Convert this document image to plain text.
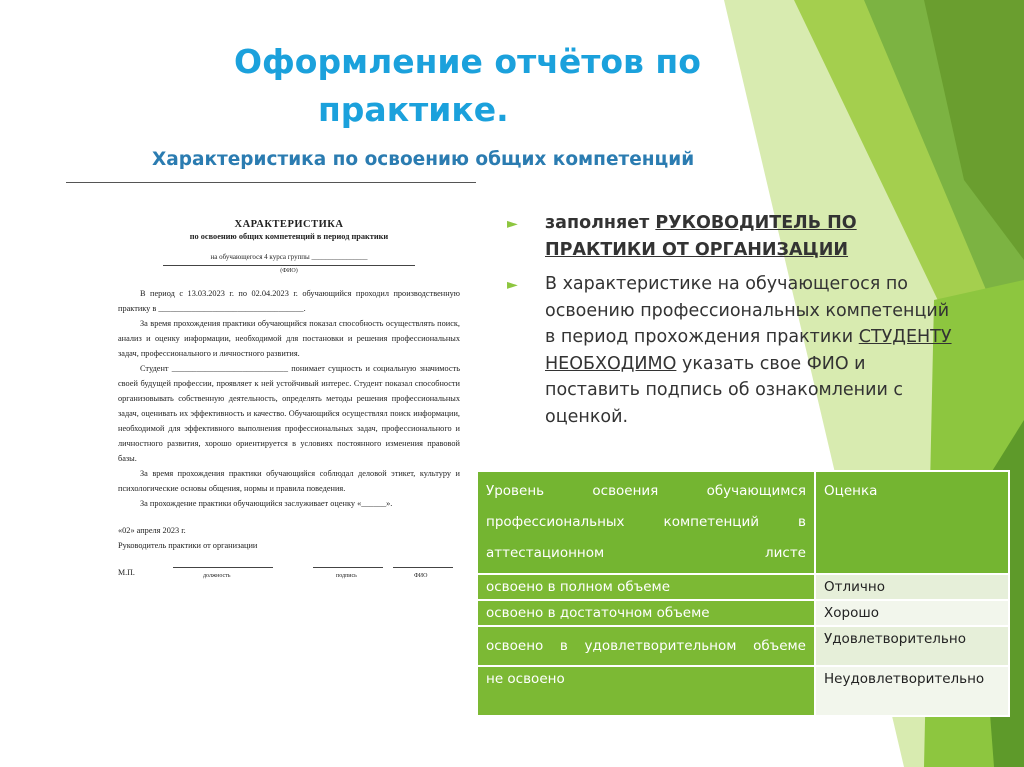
Оформление отчётов по
практике.
Характеристика по освоению общих компетенций
ХАРАКТЕРИСТИКА
по освоению общих компетенций в период практики
на обучающегося 4 курса группы ________________
(ФИО)

В период с 13.03.2023 г. по 02.04.2023 г. обучающийся проходил производственную практику в ___________________________________.

За время прохождения практики обучающийся показал способность осуществлять поиск, анализ и оценку информации, необходимой для постановки и решения профессиональных задач, профессионального и личностного развития.

Студент ____________________________ понимает сущность и социальную значимость своей будущей профессии, проявляет к ней устойчивый интерес. Студент показал способности организовывать собственную деятельность, определять методы решения профессиональных задач, оценивать их эффективность и качество. Обучающийся осуществлял поиск информации, необходимой для эффективного выполнения профессиональных задач, профессионального и личностного развития, хорошо ориентируется в условиях постоянного изменения правовой базы.

За время прохождения практики обучающийся соблюдал деловой этикет, культуру и психологические основы общения, нормы и правила поведения.

За прохождение практики обучающийся заслуживает оценку «______».

«02» апреля 2023 г.

Руководитель практики от организации

М.П.	должность	подпись	ФИО
► заполняет РУКОВОДИТЕЛЬ ПО ПРАКТИКИ ОТ ОРГАНИЗАЦИИ
► В характеристике на обучающегося по освоению профессиональных компетенций в период прохождения практики СТУДЕНТУ НЕОБХОДИМО указать свое ФИО и поставить подпись об ознакомлении с оценкой.
Уровень освоения обучающимся профессиональных компетенций в аттестационном листе	Оценка
освоено в полном объеме	Отлично
освоено в достаточном объеме	Хорошо
освоено в удовлетворительном объеме	Удовлетворительно
не освоено	Неудовлетворительно
